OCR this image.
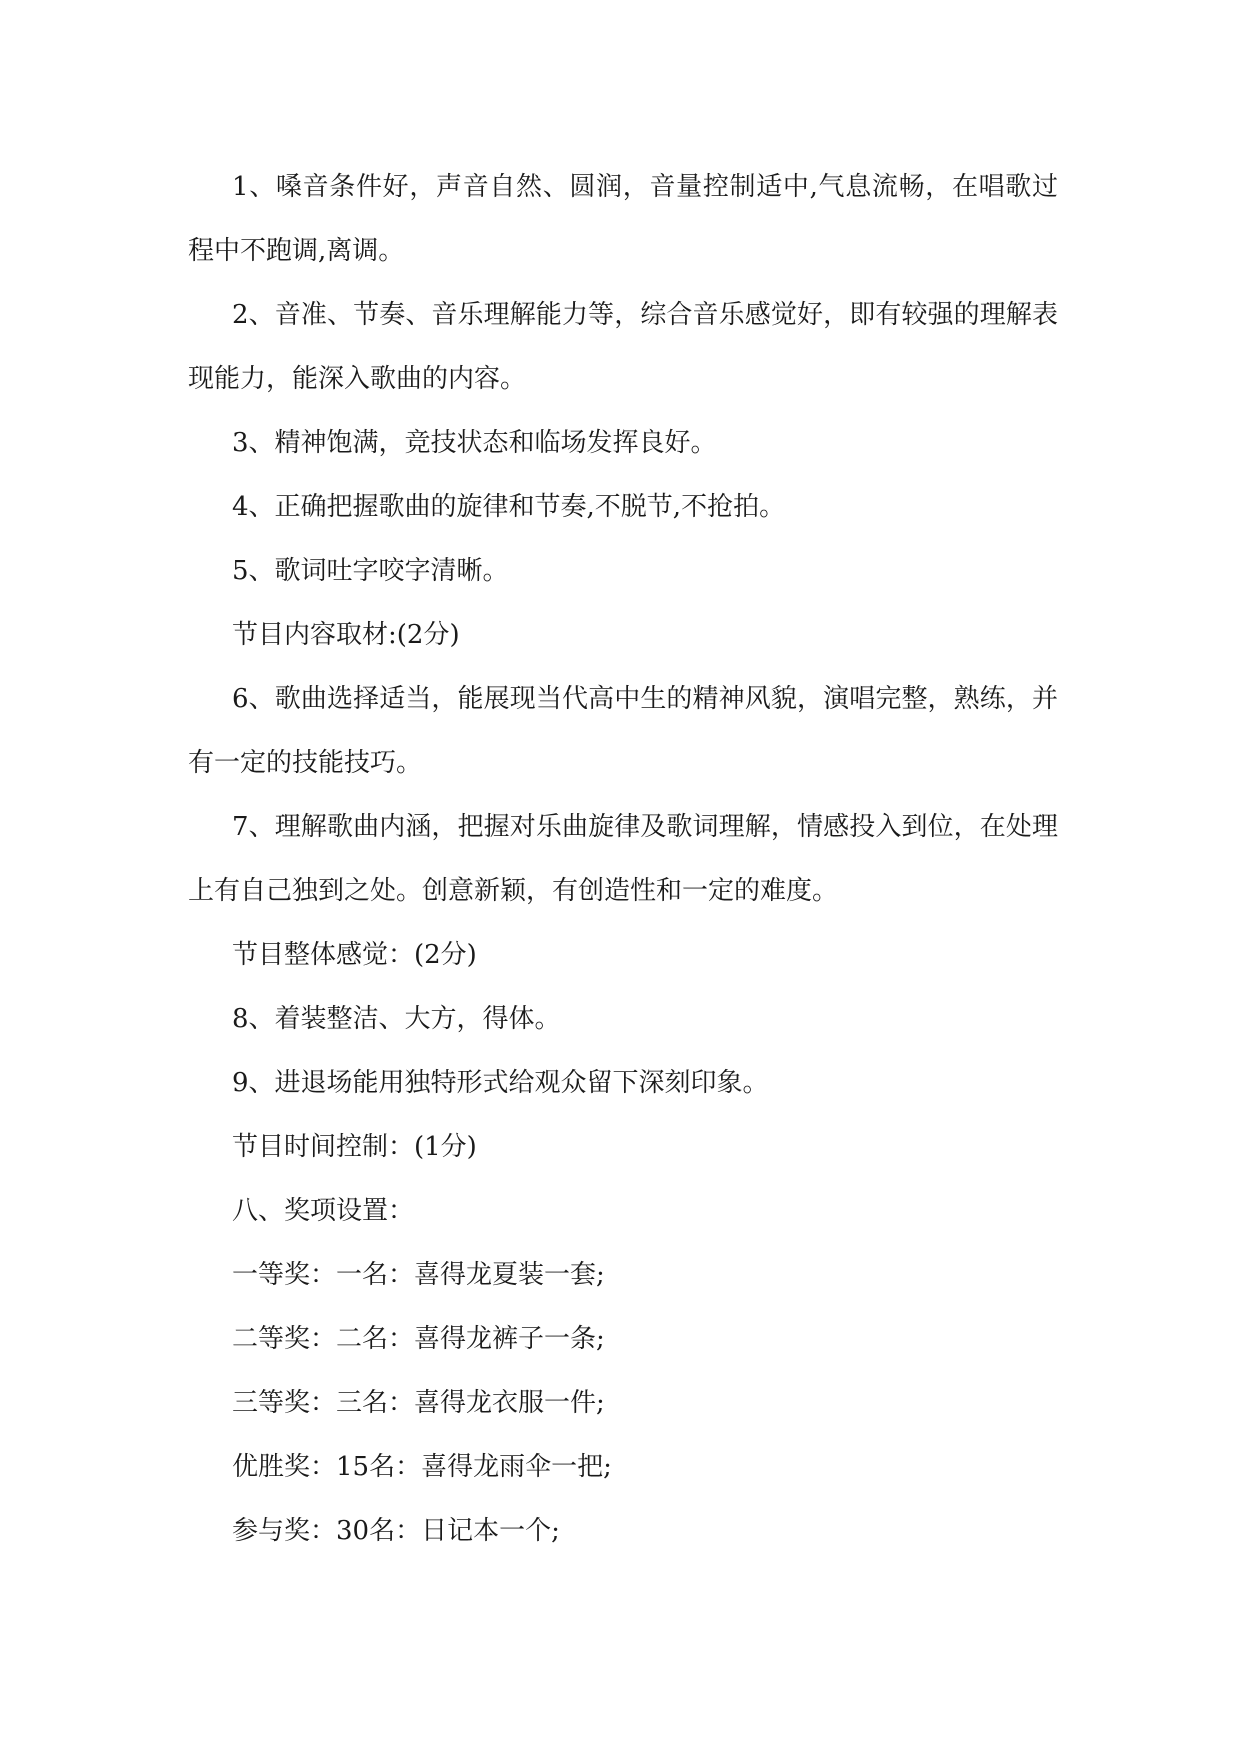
1、嗓音条件好，声音自然、圆润，音量控制适中,气息流畅，在唱歌过程中不跑调,离调。

2、音准、节奏、音乐理解能力等，综合音乐感觉好，即有较强的理解表现能力，能深入歌曲的内容。

3、精神饱满，竞技状态和临场发挥良好。

4、正确把握歌曲的旋律和节奏,不脱节,不抢拍。

5、歌词吐字咬字清晰。

节目内容取材:(2分)

6、歌曲选择适当，能展现当代高中生的精神风貌，演唱完整，熟练，并有一定的技能技巧。

7、理解歌曲内涵，把握对乐曲旋律及歌词理解，情感投入到位，在处理上有自己独到之处。创意新颖，有创造性和一定的难度。

节目整体感觉：(2分)

8、着装整洁、大方，得体。

9、进退场能用独特形式给观众留下深刻印象。

节目时间控制：(1分)

八、奖项设置：

一等奖：一名：喜得龙夏装一套;

二等奖：二名：喜得龙裤子一条;

三等奖：三名：喜得龙衣服一件;

优胜奖：15名：喜得龙雨伞一把;

参与奖：30名：日记本一个;
